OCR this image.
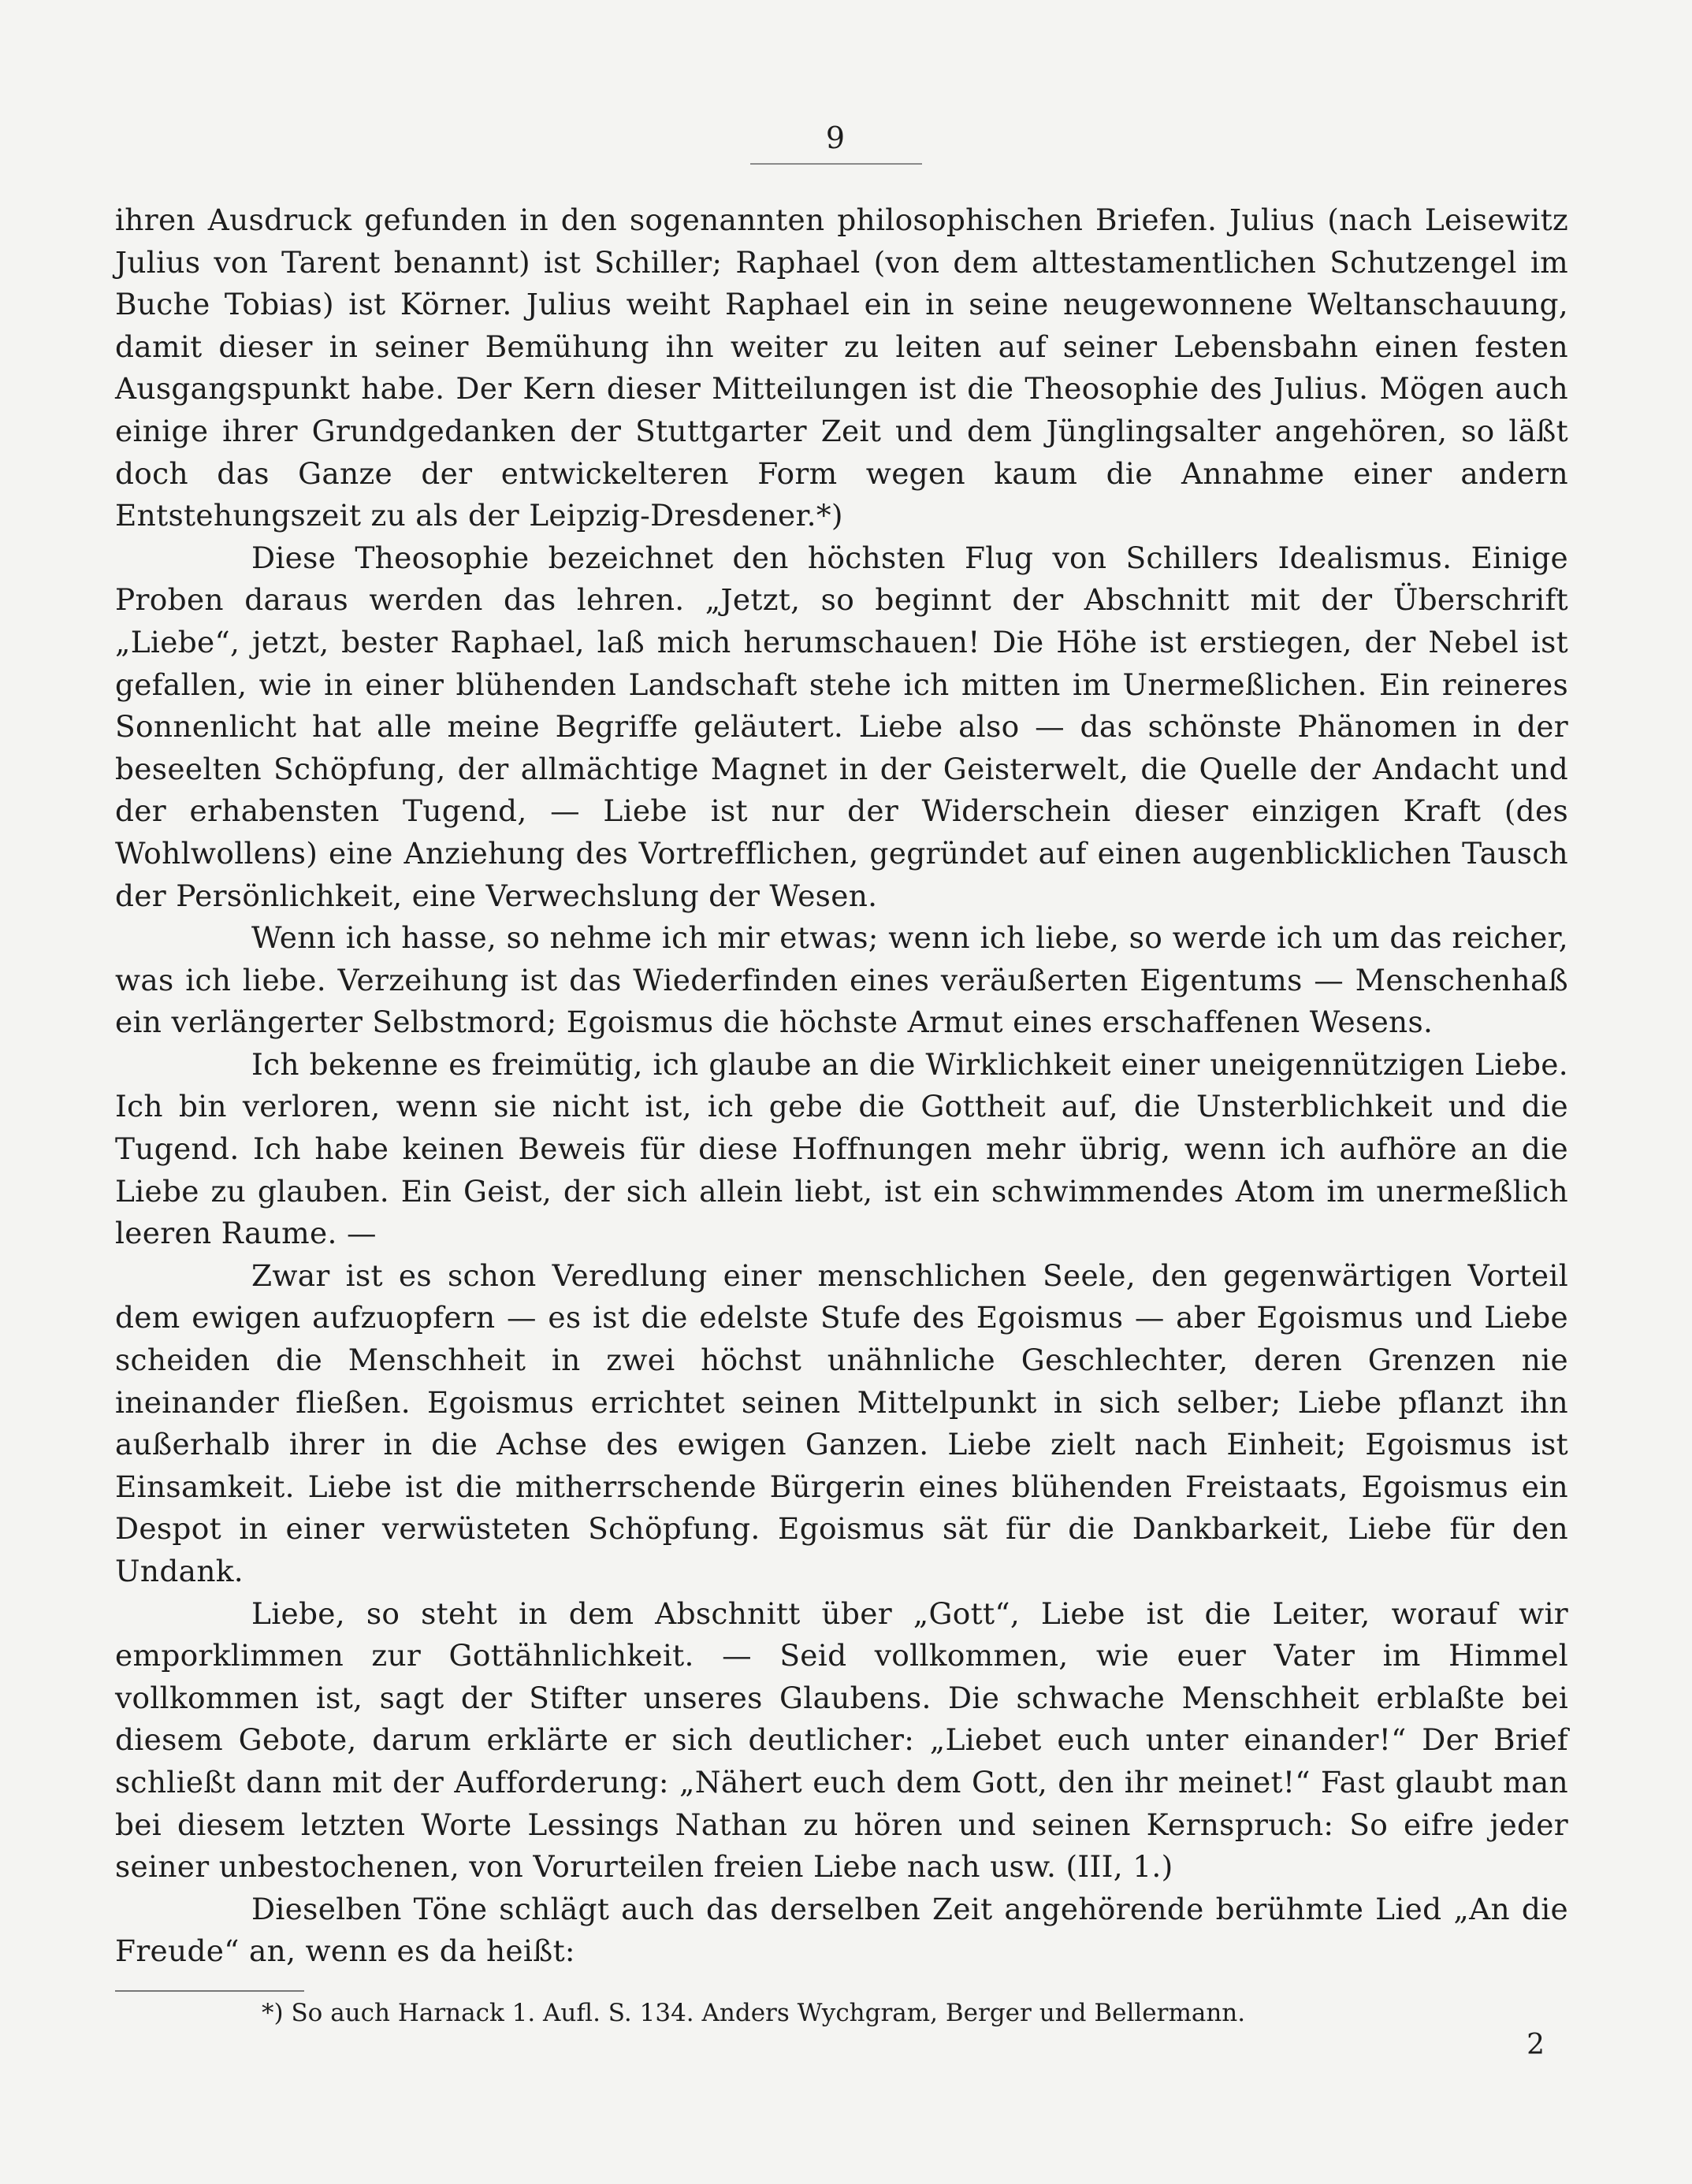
9

ihren Ausdruck gefunden in den sogenannten philosophischen Briefen. Julius (nach Leisewitz Julius von Tarent benannt) ist Schiller; Raphael (von dem alttestamentlichen Schutzengel im Buche Tobias) ist Körner. Julius weiht Raphael ein in seine neugewonnene Weltanschauung, damit dieser in seiner Bemühung ihn weiter zu leiten auf seiner Lebensbahn einen festen Ausgangspunkt habe. Der Kern dieser Mitteilungen ist die Theosophie des Julius. Mögen auch einige ihrer Grundgedanken der Stuttgarter Zeit und dem Jünglingsalter angehören, so läßt doch das Ganze der entwickelteren Form wegen kaum die Annahme einer andern Entstehungszeit zu als der Leipzig-Dresdener.*)

Diese Theosophie bezeichnet den höchsten Flug von Schillers Idealismus. Einige Proben daraus werden das lehren. „Jetzt, so beginnt der Abschnitt mit der Überschrift „Liebe“, jetzt, bester Raphael, laß mich herumschauen! Die Höhe ist erstiegen, der Nebel ist gefallen, wie in einer blühenden Landschaft stehe ich mitten im Unermeßlichen. Ein reineres Sonnenlicht hat alle meine Begriffe geläutert. Liebe also — das schönste Phänomen in der beseelten Schöpfung, der allmächtige Magnet in der Geisterwelt, die Quelle der Andacht und der erhabensten Tugend, — Liebe ist nur der Widerschein dieser einzigen Kraft (des Wohlwollens) eine Anziehung des Vortrefflichen, gegründet auf einen augenblicklichen Tausch der Persönlichkeit, eine Verwechslung der Wesen.

Wenn ich hasse, so nehme ich mir etwas; wenn ich liebe, so werde ich um das reicher, was ich liebe. Verzeihung ist das Wiederfinden eines veräußerten Eigentums — Menschenhaß ein verlängerter Selbstmord; Egoismus die höchste Armut eines erschaffenen Wesens.

Ich bekenne es freimütig, ich glaube an die Wirklichkeit einer uneigennützigen Liebe. Ich bin verloren, wenn sie nicht ist, ich gebe die Gottheit auf, die Unsterblichkeit und die Tugend. Ich habe keinen Beweis für diese Hoffnungen mehr übrig, wenn ich aufhöre an die Liebe zu glauben. Ein Geist, der sich allein liebt, ist ein schwimmendes Atom im unermeßlich leeren Raume. —

Zwar ist es schon Veredlung einer menschlichen Seele, den gegenwärtigen Vorteil dem ewigen aufzuopfern — es ist die edelste Stufe des Egoismus — aber Egoismus und Liebe scheiden die Menschheit in zwei höchst unähnliche Geschlechter, deren Grenzen nie ineinander fließen. Egoismus errichtet seinen Mittelpunkt in sich selber; Liebe pflanzt ihn außerhalb ihrer in die Achse des ewigen Ganzen. Liebe zielt nach Einheit; Egoismus ist Einsamkeit. Liebe ist die mitherrschende Bürgerin eines blühenden Freistaats, Egoismus ein Despot in einer verwüsteten Schöpfung. Egoismus sät für die Dankbarkeit, Liebe für den Undank.

Liebe, so steht in dem Abschnitt über „Gott“, Liebe ist die Leiter, worauf wir emporklimmen zur Gottähnlichkeit. — Seid vollkommen, wie euer Vater im Himmel vollkommen ist, sagt der Stifter unseres Glaubens. Die schwache Menschheit erblaßte bei diesem Gebote, darum erklärte er sich deutlicher: „Liebet euch unter einander!“ Der Brief schließt dann mit der Aufforderung: „Nähert euch dem Gott, den ihr meinet!“ Fast glaubt man bei diesem letzten Worte Lessings Nathan zu hören und seinen Kernspruch: So eifre jeder seiner unbestochenen, von Vorurteilen freien Liebe nach usw. (III, 1.)

Dieselben Töne schlägt auch das derselben Zeit angehörende berühmte Lied „An die Freude“ an, wenn es da heißt:

*) So auch Harnack 1. Aufl. S. 134. Anders Wychgram, Berger und Bellermann.
2
